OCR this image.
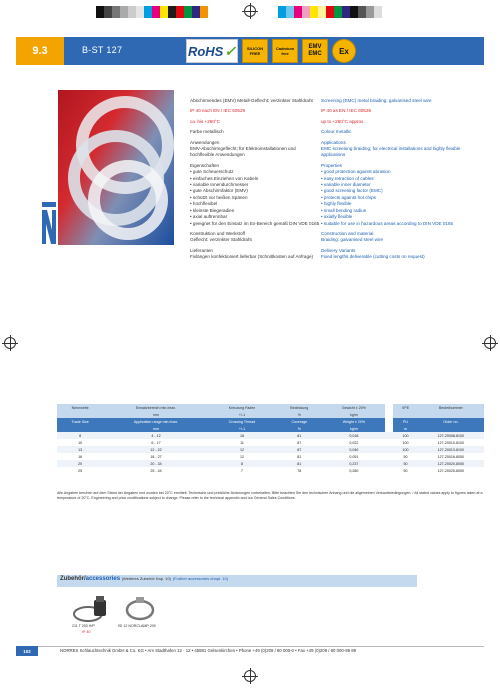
9.3	B-ST 127	RoHS ✓	SILICON FREE
Cadmium free
EMV EMC	Ex
Abschirmendes (EMV) Metall-Geflecht; verzinkter Stahldraht
IP 40 nach EN / IEC 60529
ca. bis +250°C
Farbe metallisch
Anwendungen
EMV-Abschirmgeflecht; für Elektroinstallationen und hochflexible Anwendungen
Eigenschaften
• gute Scheuerschutz
• einfaches Einziehen von Kabeln
• variable Innendurchmesser
• gute Abschirmfaktor (EMV)
• schützt vor heißen Spänen
• hochflexibel
• kleinste Biegeradien
• axial auftrennbar
• geeignet für den Einsatz im Ex-Bereich gemäß DIN VDE 0165
Konstruktion und Werkstoff
Geflecht: verzinkter Stahldraht
Lieferanten
Fixlängen konfektioniert lieferbar (Schnittkosten auf Anfrage)
Screening (EMC) metal braiding; galvanised steel wire
IP 40 as EN / IEC 60529
up to +250°C approx.
Colour metallic
Applications
EMC screening braiding; for electrical installations and highly flexible applications
Properties
• good protection against abrasion
• easy retraction of cables
• variable inner diameter
• good screening factor (EMC)
• protects against hot chips
• highly flexible
• small bending radius
• axially flexible
• suitable for use in hazardous areas according to DIN VDE 0165
Construction and material
Braiding: galvanised steel wire
Delivery Variants
Fixed lengths deliverable (cutting costs on request)
Nennweite	Einsatzbereich min./max.	Kreuzung Faden	Bedeckung	Gewicht ± 20%		VPE	Bestellnummer
	mm	+/-1	%	kg/m			
Trade Size	Application range min./max.	Crossing Thread	Coverage	Weight ± 20%		PU	Order no.
	mm	+/-1	%	kg/m		m	
8	4 - 12	18	81	0,018		100	127-20008-8100
10	6 - 17	11	87	0,022		100	127-20010-8100
13	12 - 22	12	87	0,040		100	127-20013-8100
16	18 - 27	12	81	0,051		50	127-20016-8050
20	20 - 34	8	81	0,237		50	127-20020-8050
25	25 - 44	7	78	0,280		50	127-20025-8050
Alle Angaben beruhen auf dem Stand der Angaben und wurden bei 20°C ermittelt. Technische und preisliche Änderungen vorbehalten. Bitte beachten Sie den technischen Anhang und die allgemeinen Verkaufsbedingungen. / All stated values apply to figures taken at a temperature of 20°C. Engineering and price modifications subject to change. Please refer to the technical appendix and our General Sales Conditions.
Zubehör/accessories (Weiteres Zubehör Kap. 10) (Further accessories chapt. 10)
211 T 293 H/P
IP 40
ISI 12 NORCLAMP 209
102	NORRES Schlauchtechnik GmbH & Co. KG • Am Stadthafen 12 - 12 • 45881 Gelsenkirchen • Phone +49 (0)209 / 80 000-0 • Fax +49 (0)209 / 80 000-99 99
